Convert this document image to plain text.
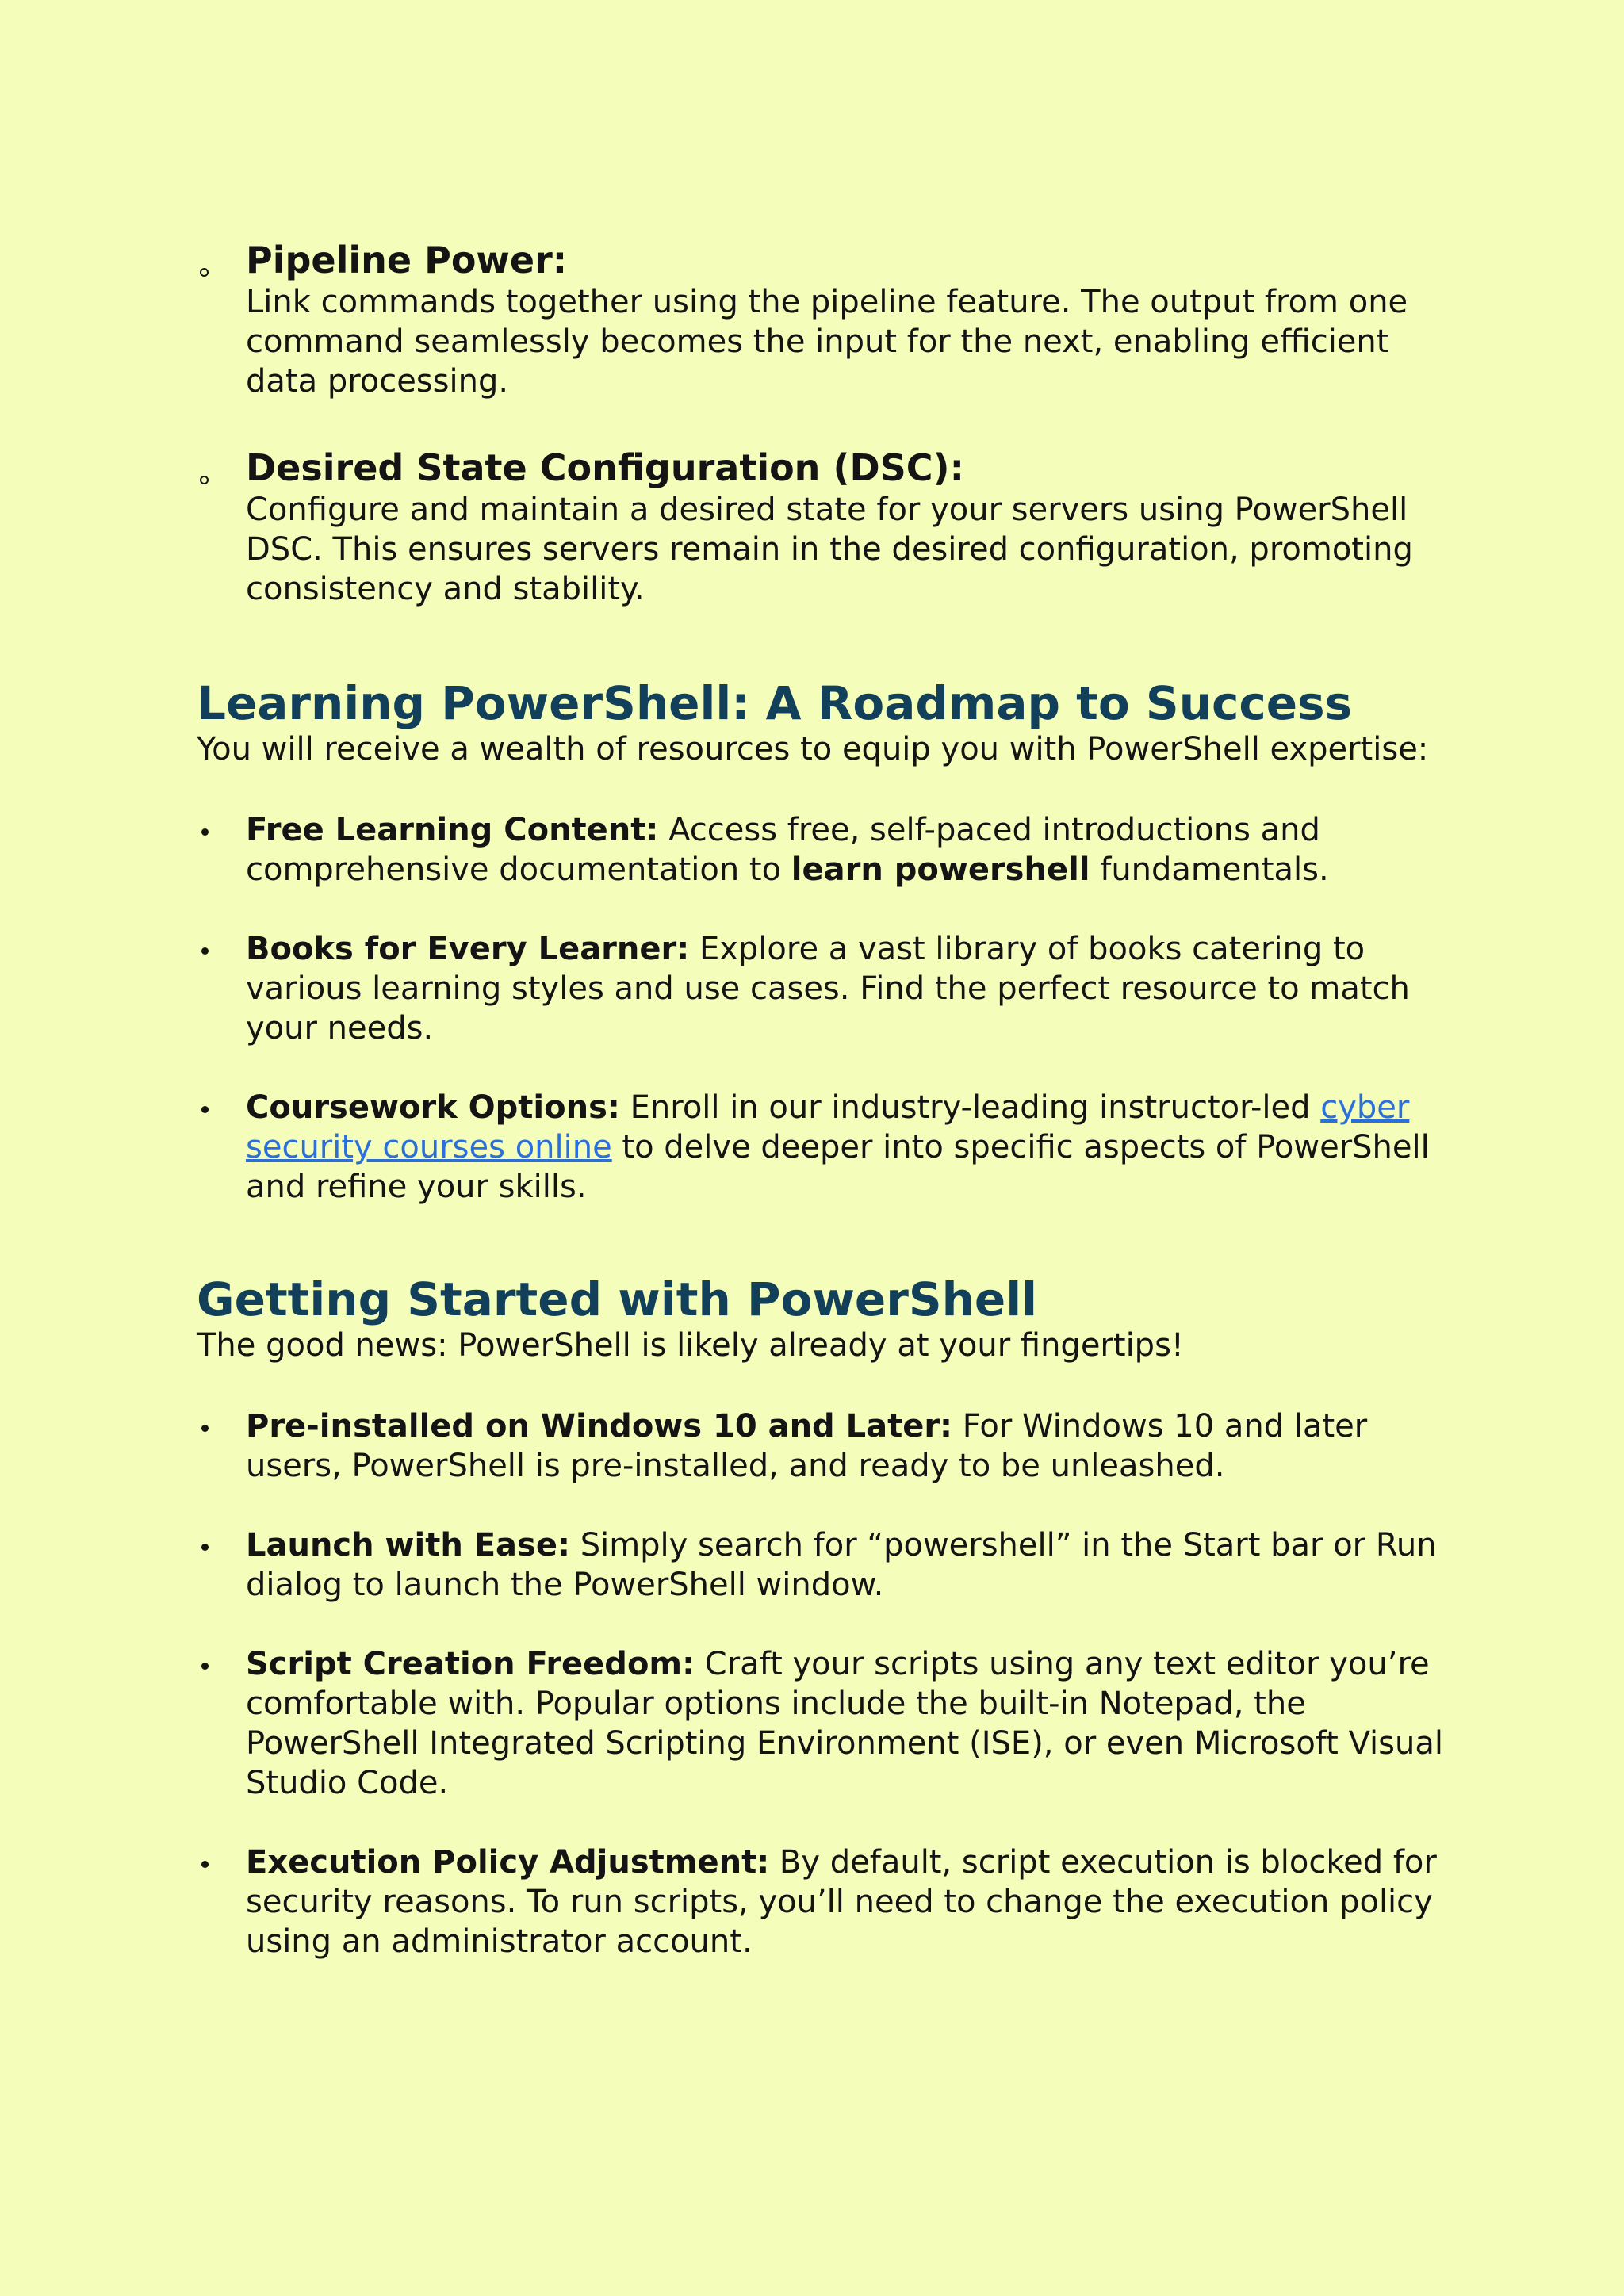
Pipeline Power:

Link commands together using the pipeline feature. The output from one command seamlessly becomes the input for the next, enabling efficient data processing.

Desired State Configuration (DSC):

Configure and maintain a desired state for your servers using PowerShell DSC. This ensures servers remain in the desired configuration, promoting consistency and stability.

Learning PowerShell: A Roadmap to Success

You will receive a wealth of resources to equip you with PowerShell expertise:

Free Learning Content: Access free, self-paced introductions and comprehensive documentation to learn powershell fundamentals.
Books for Every Learner: Explore a vast library of books catering to various learning styles and use cases. Find the perfect resource to match your needs.
Coursework Options: Enroll in our industry-leading instructor-led cyber security courses online to delve deeper into specific aspects of PowerShell and refine your skills.
Getting Started with PowerShell

The good news: PowerShell is likely already at your fingertips!

Pre-installed on Windows 10 and Later: For Windows 10 and later users, PowerShell is pre-installed, and ready to be unleashed.
Launch with Ease: Simply search for “powershell” in the Start bar or Run dialog to launch the PowerShell window.
Script Creation Freedom: Craft your scripts using any text editor you’re comfortable with. Popular options include the built-in Notepad, the PowerShell Integrated Scripting Environment (ISE), or even Microsoft Visual Studio Code.
Execution Policy Adjustment: By default, script execution is blocked for security reasons. To run scripts, you’ll need to change the execution policy using an administrator account.
